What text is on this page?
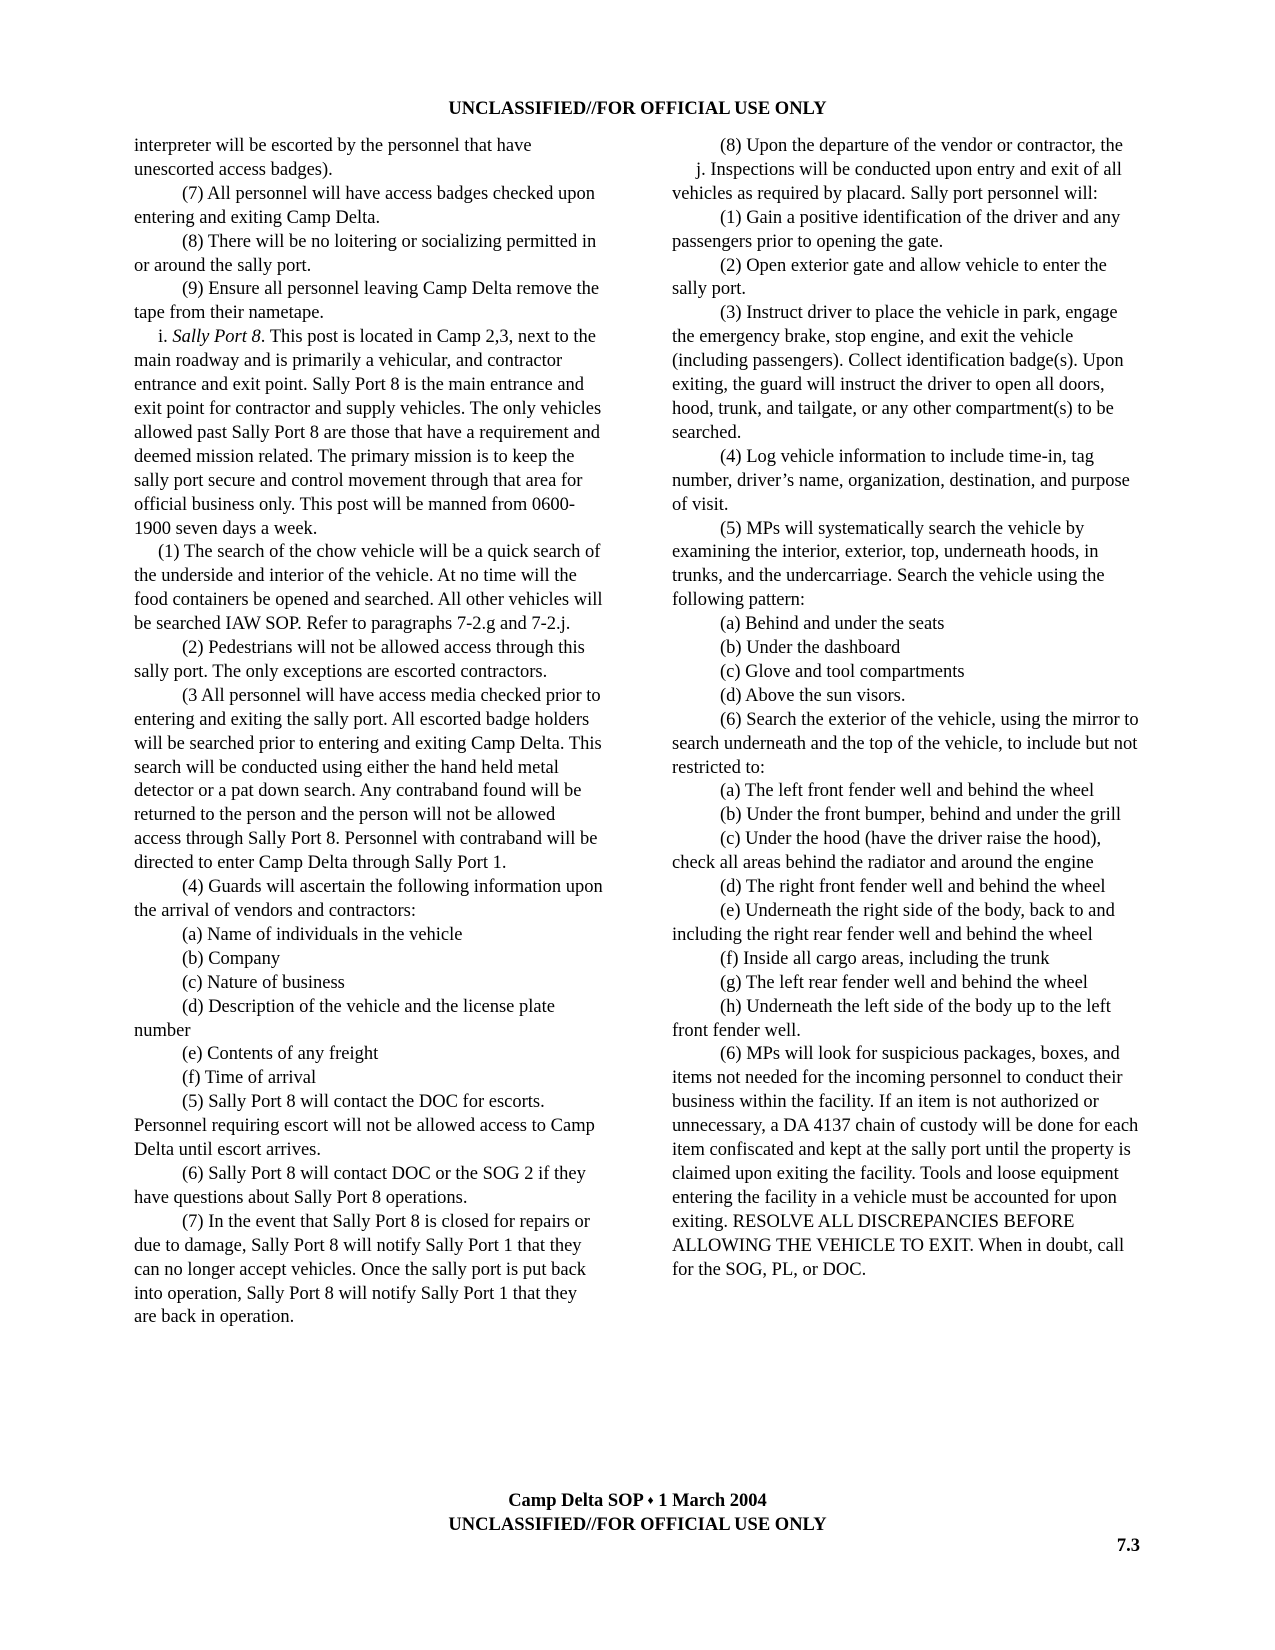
UNCLASSIFIED//FOR OFFICIAL USE ONLY

interpreter will be escorted by the personnel that have unescorted access badges).

(7) All personnel will have access badges checked upon entering and exiting Camp Delta.

(8) There will be no loitering or socializing permitted in or around the sally port.

(9) Ensure all personnel leaving Camp Delta remove the tape from their nametape.

i. Sally Port 8. This post is located in Camp 2,3, next to the main roadway and is primarily a vehicular, and contractor entrance and exit point. Sally Port 8 is the main entrance and exit point for contractor and supply vehicles. The only vehicles allowed past Sally Port 8 are those that have a requirement and deemed mission related. The primary mission is to keep the sally port secure and control movement through that area for official business only. This post will be manned from 0600-1900 seven days a week.

(1) The search of the chow vehicle will be a quick search of the underside and interior of the vehicle. At no time will the food containers be opened and searched. All other vehicles will be searched IAW SOP. Refer to paragraphs 7-2.g and 7-2.j.

(2) Pedestrians will not be allowed access through this sally port. The only exceptions are escorted contractors.

(3 All personnel will have access media checked prior to entering and exiting the sally port. All escorted badge holders will be searched prior to entering and exiting Camp Delta. This search will be conducted using either the hand held metal detector or a pat down search. Any contraband found will be returned to the person and the person will not be allowed access through Sally Port 8. Personnel with contraband will be directed to enter Camp Delta through Sally Port 1.

(4) Guards will ascertain the following information upon the arrival of vendors and contractors:

(a) Name of individuals in the vehicle

(b) Company

(c) Nature of business

(d) Description of the vehicle and the license plate number

(e) Contents of any freight

(f) Time of arrival

(5) Sally Port 8 will contact the DOC for escorts. Personnel requiring escort will not be allowed access to Camp Delta until escort arrives.

(6) Sally Port 8 will contact DOC or the SOG 2 if they have questions about Sally Port 8 operations.

(7) In the event that Sally Port 8 is closed for repairs or due to damage, Sally Port 8 will notify Sally Port 1 that they can no longer accept vehicles. Once the sally port is put back into operation, Sally Port 8 will notify Sally Port 1 that they are back in operation.

(8) Upon the departure of the vendor or contractor, the

j. Inspections will be conducted upon entry and exit of all vehicles as required by placard. Sally port personnel will:

(1) Gain a positive identification of the driver and any passengers prior to opening the gate.

(2) Open exterior gate and allow vehicle to enter the sally port.

(3) Instruct driver to place the vehicle in park, engage the emergency brake, stop engine, and exit the vehicle (including passengers). Collect identification badge(s). Upon exiting, the guard will instruct the driver to open all doors, hood, trunk, and tailgate, or any other compartment(s) to be searched.

(4) Log vehicle information to include time-in, tag number, driver’s name, organization, destination, and purpose of visit.

(5) MPs will systematically search the vehicle by examining the interior, exterior, top, underneath hoods, in trunks, and the undercarriage. Search the vehicle using the following pattern:

(a) Behind and under the seats

(b) Under the dashboard

(c) Glove and tool compartments

(d) Above the sun visors.

(6) Search the exterior of the vehicle, using the mirror to search underneath and the top of the vehicle, to include but not restricted to:

(a) The left front fender well and behind the wheel

(b) Under the front bumper, behind and under the grill

(c) Under the hood (have the driver raise the hood), check all areas behind the radiator and around the engine

(d) The right front fender well and behind the wheel

(e) Underneath the right side of the body, back to and including the right rear fender well and behind the wheel

(f) Inside all cargo areas, including the trunk

(g) The left rear fender well and behind the wheel

(h) Underneath the left side of the body up to the left front fender well.

(6) MPs will look for suspicious packages, boxes, and items not needed for the incoming personnel to conduct their business within the facility. If an item is not authorized or unnecessary, a DA 4137 chain of custody will be done for each item confiscated and kept at the sally port until the property is claimed upon exiting the facility. Tools and loose equipment entering the facility in a vehicle must be accounted for upon exiting. RESOLVE ALL DISCREPANCIES BEFORE ALLOWING THE VEHICLE TO EXIT. When in doubt, call for the SOG, PL, or DOC.

Camp Delta SOP ♦ 1 March 2004
UNCLASSIFIED//FOR OFFICIAL USE ONLY
7.3
